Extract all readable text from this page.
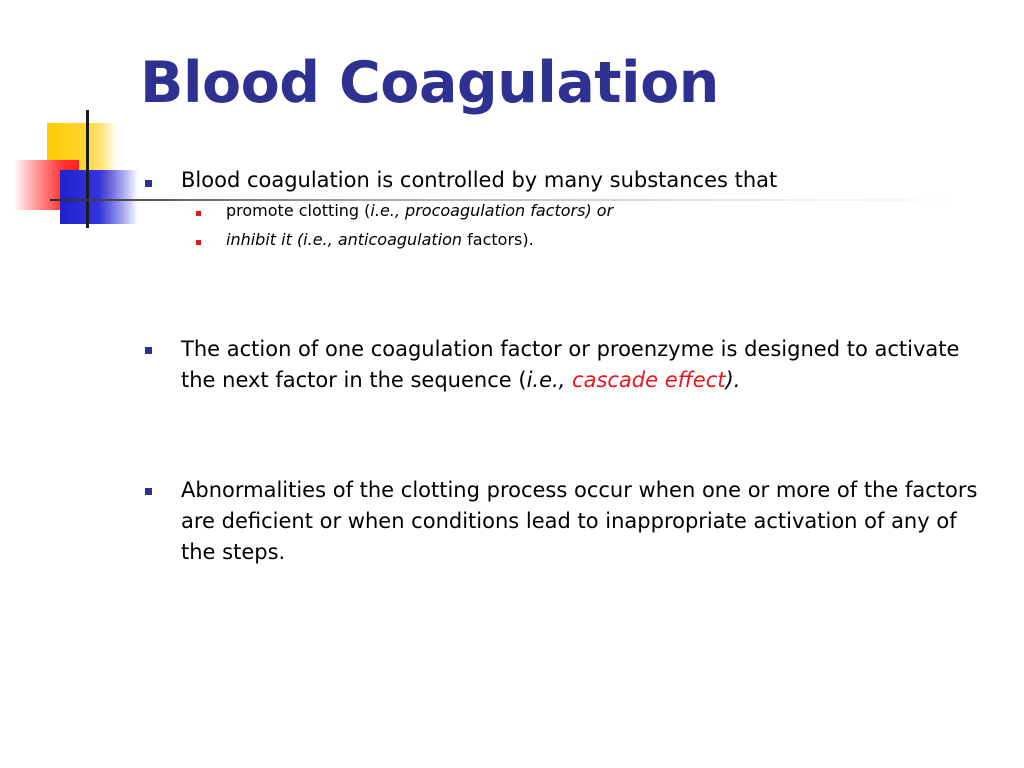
Blood Coagulation
Blood coagulation is controlled by many substances that
promote clotting (i.e., procoagulation factors) or
inhibit it (i.e., anticoagulation factors).
The action of one coagulation factor or proenzyme is designed to activate the next factor in the sequence (i.e., cascade effect).
Abnormalities of the clotting process occur when one or more of the factors are deficient or when conditions lead to inappropriate activation of any of the steps.
